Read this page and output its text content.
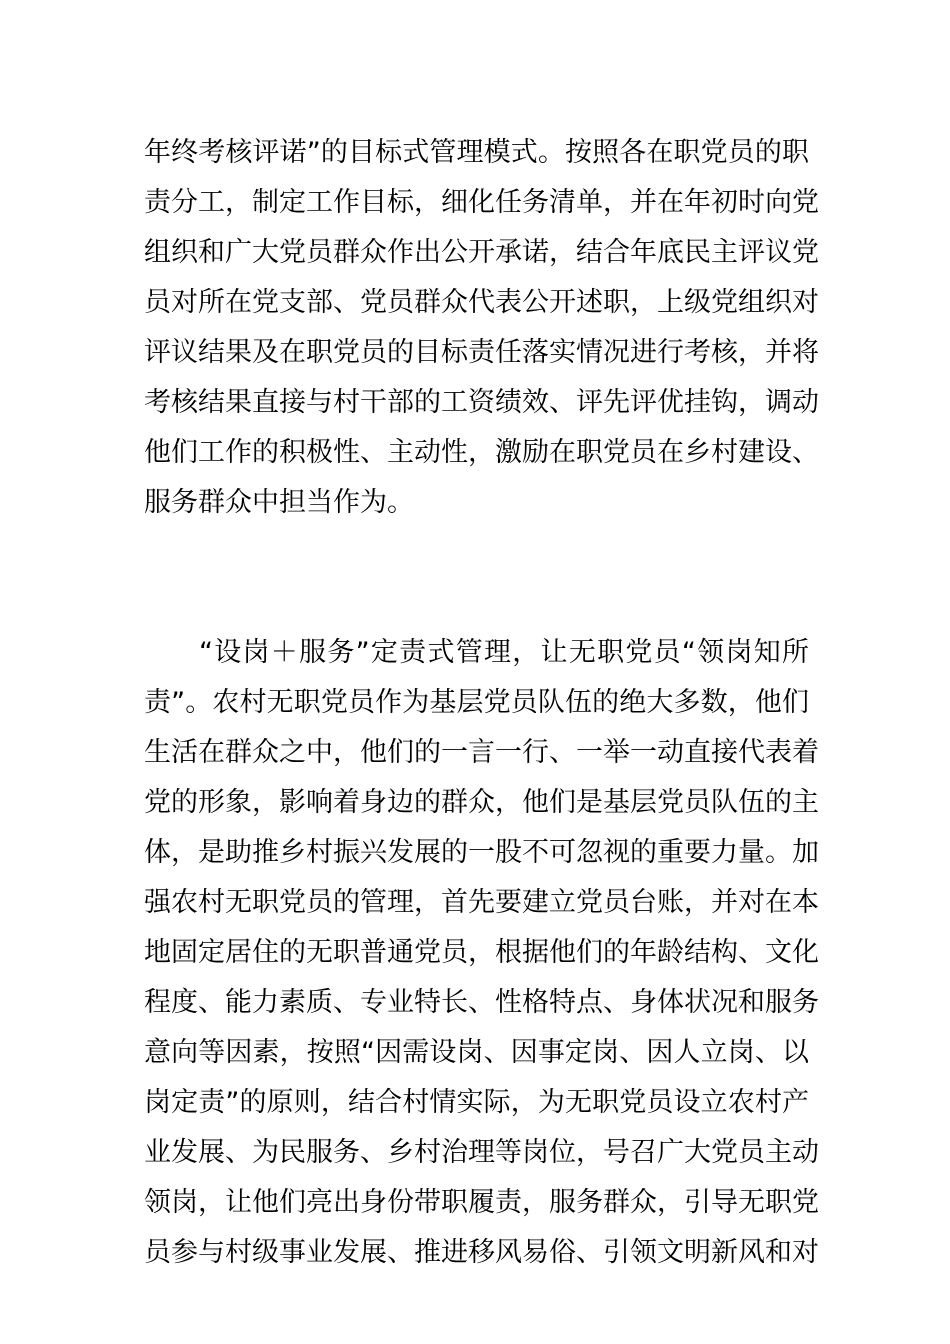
年终考核评诺”的目标式管理模式。按照各在职党员的职
责分工，制定工作目标，细化任务清单，并在年初时向党
组织和广大党员群众作出公开承诺，结合年底民主评议党
员对所在党支部、党员群众代表公开述职，上级党组织对
评议结果及在职党员的目标责任落实情况进行考核，并将
考核结果直接与村干部的工资绩效、评先评优挂钩，调动
他们工作的积极性、主动性，激励在职党员在乡村建设、
服务群众中担当作为。
“设岗＋服务”定责式管理，让无职党员“领岗知所
责”。农村无职党员作为基层党员队伍的绝大多数，他们
生活在群众之中，他们的一言一行、一举一动直接代表着
党的形象，影响着身边的群众，他们是基层党员队伍的主
体，是助推乡村振兴发展的一股不可忽视的重要力量。加
强农村无职党员的管理，首先要建立党员台账，并对在本
地固定居住的无职普通党员，根据他们的年龄结构、文化
程度、能力素质、专业特长、性格特点、身体状况和服务
意向等因素，按照“因需设岗、因事定岗、因人立岗、以
岗定责”的原则，结合村情实际，为无职党员设立农村产
业发展、为民服务、乡村治理等岗位，号召广大党员主动
领岗，让他们亮出身份带职履责，服务群众，引导无职党
员参与村级事业发展、推进移风易俗、引领文明新风和对
